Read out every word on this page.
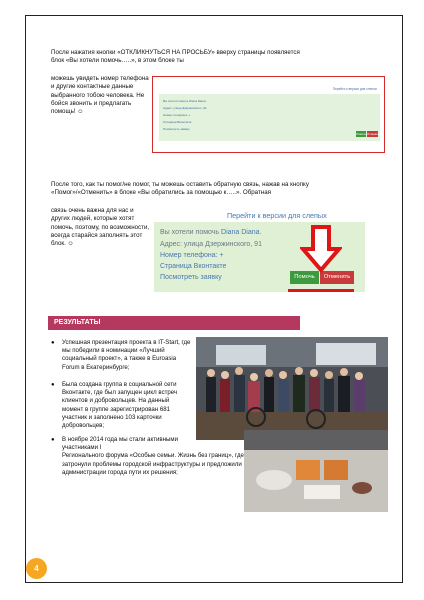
После нажатия кнопки «ОТКЛИКНУТЬСЯ НА ПРОСЬБУ» вверху страницы появляется блок «Вы хотели помочь…..», в этом блоке ты
можешь увидеть номер телефона и другие контактные данные выбранного тобою человека. Не бойся звонить и предлагать помощь! ☺
Перейти к версии для слепых
Вы хотели помочь Diana Diana.
Адрес: улица Дзержинского, 91
Номер телефона: +
Страница Вконтакте
Посмотреть заявку
Помочь Отменить
После того, как ты помог/не помог, ты можешь оставить обратную связь, нажав на кнопку «Помог»/«Отменить» в блоке «Вы обратились за помощью к…..». Обратная
связь очень важна для нас и других людей, которые хотят помочь, поэтому, по возможности, всегда старайся заполнять этот блок. ☺
Перейти к версии для слепых
Вы хотели помочь Diana Diana.
Адрес: улица Дзержинского, 91
Номер телефона: +
Страница Вконтакте
Посмотреть заявку	Помочь	Отменить
РЕЗУЛЬТАТЫ
●	Успешная презентация проекта в IT-Start, где мы победили в номинации «Лучший социальный проект», а также в Euroasia Forum в Екатеринбурге;
●	Была создана группа в социальной сети Вконтакте, где был запущен цикл встреч клиентов и добровольцев. На данный момент в группе зарегистрирован 681 участник и заполнено 103 карточки добровольцев;
●	В ноябре 2014 года мы стали активными участниками I
Регионального форума «Особые семьи. Жизнь без границ», где затронули проблемы городской инфраструктуры и предложили администрации города пути их решения;
4
